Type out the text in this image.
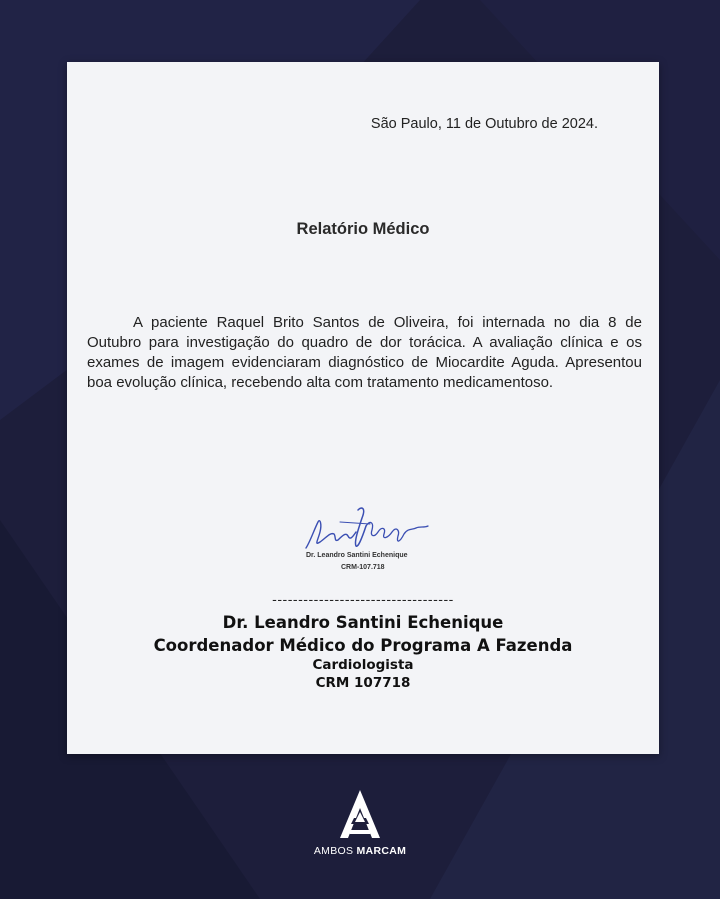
São Paulo, 11 de Outubro de 2024.
Relatório Médico

A paciente Raquel Brito Santos de Oliveira, foi internada no dia 8 de Outubro para investigação do quadro de dor torácica. A avaliação clínica e os exames de imagem evidenciaram diagnóstico de Miocardite Aguda. Apresentou boa evolução clínica, recebendo alta com tratamento medicamentoso.

Dr. Leandro Santini Echenique
CRM-107.718
-----------------------------------
Dr. Leandro Santini Echenique
Coordenador Médico do Programa A Fazenda
Cardiologista
CRM 107718
AMBOS MARCAM
